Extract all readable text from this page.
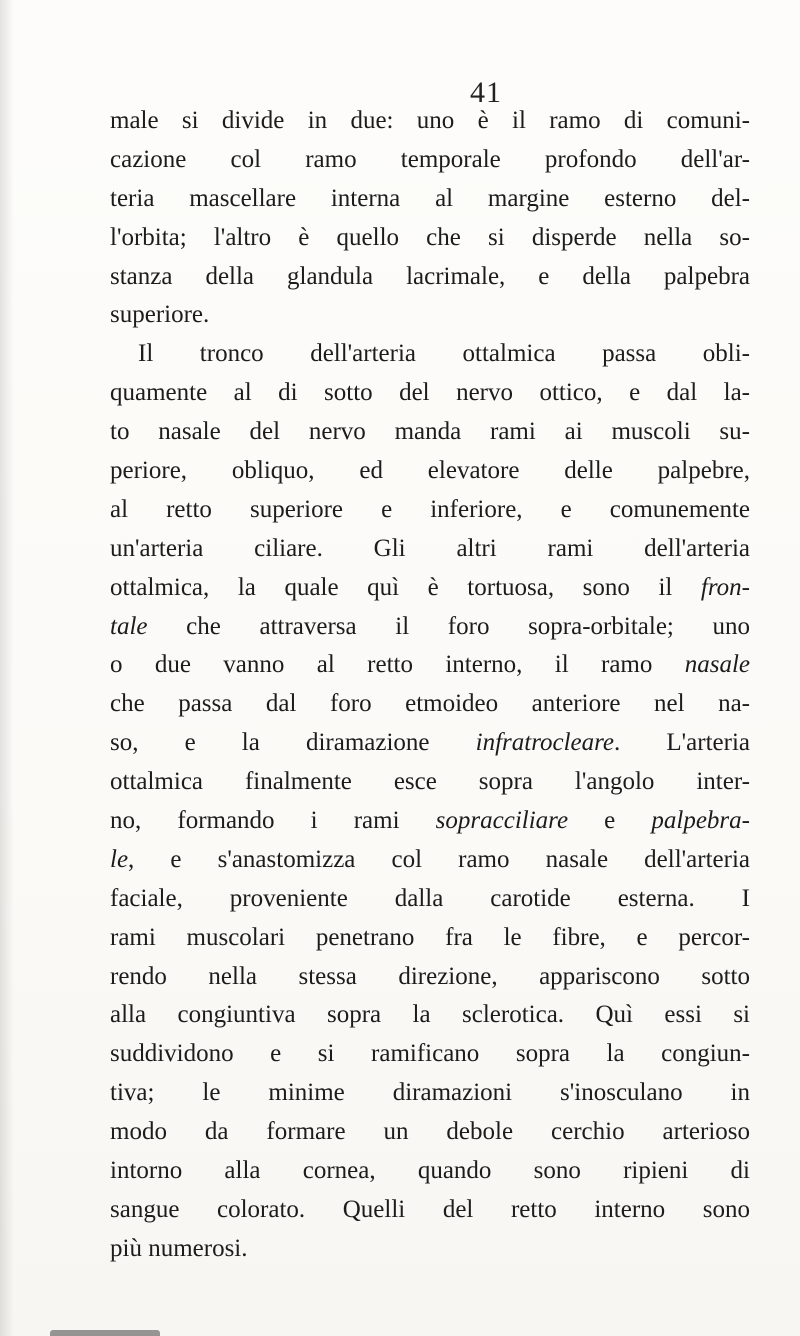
41
male si divide in due: uno è il ramo di comuni-
cazione col ramo temporale profondo dell'ar-
teria mascellare interna al margine esterno del-
l'orbita; l'altro è quello che si disperde nella so-
stanza della glandula lacrimale, e della palpebra
superiore.
Il tronco dell'arteria ottalmica passa obli-
quamente al di sotto del nervo ottico, e dal la-
to nasale del nervo manda rami ai muscoli su-
periore, obliquo, ed elevatore delle palpebre,
al retto superiore e inferiore, e comunemente
un'arteria ciliare. Gli altri rami dell'arteria
ottalmica, la quale quì è tortuosa, sono il fron-
tale che attraversa il foro sopra-orbitale; uno
o due vanno al retto interno, il ramo nasale
che passa dal foro etmoideo anteriore nel na-
so, e la diramazione infratrocleare. L'arteria
ottalmica finalmente esce sopra l'angolo inter-
no, formando i rami sopracciliare e palpebra-
le, e s'anastomizza col ramo nasale dell'arteria
faciale, proveniente dalla carotide esterna. I
rami muscolari penetrano fra le fibre, e percor-
rendo nella stessa direzione, appariscono sotto
alla congiuntiva sopra la sclerotica. Quì essi si
suddividono e si ramificano sopra la congiun-
tiva; le minime diramazioni s'inosculano in
modo da formare un debole cerchio arterioso
intorno alla cornea, quando sono ripieni di
sangue colorato. Quelli del retto interno sono
più numerosi.
